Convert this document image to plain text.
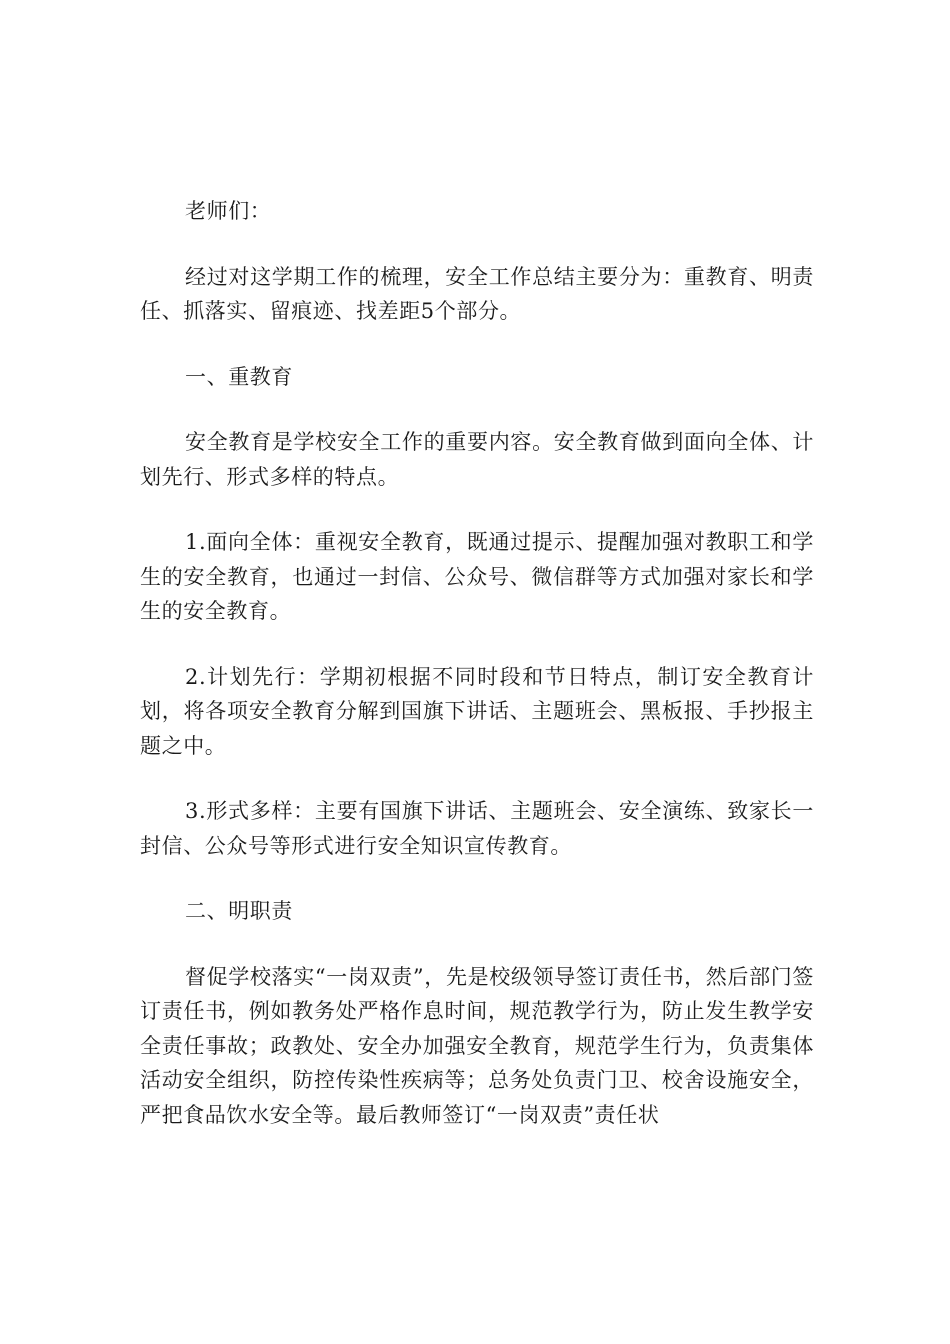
老师们：

经过对这学期工作的梳理，安全工作总结主要分为：重教育、明责任、抓落实、留痕迹、找差距5个部分。

一、重教育

安全教育是学校安全工作的重要内容。安全教育做到面向全体、计划先行、形式多样的特点。

1.面向全体：重视安全教育，既通过提示、提醒加强对教职工和学生的安全教育，也通过一封信、公众号、微信群等方式加强对家长和学生的安全教育。

2.计划先行：学期初根据不同时段和节日特点，制订安全教育计划，将各项安全教育分解到国旗下讲话、主题班会、黑板报、手抄报主题之中。

3.形式多样：主要有国旗下讲话、主题班会、安全演练、致家长一封信、公众号等形式进行安全知识宣传教育。

二、明职责

督促学校落实“一岗双责”，先是校级领导签订责任书，然后部门签订责任书，例如教务处严格作息时间，规范教学行为，防止发生教学安全责任事故；政教处、安全办加强安全教育，规范学生行为，负责集体活动安全组织，防控传染性疾病等；总务处负责门卫、校舍设施安全，严把食品饮水安全等。最后教师签订“一岗双责”责任状
